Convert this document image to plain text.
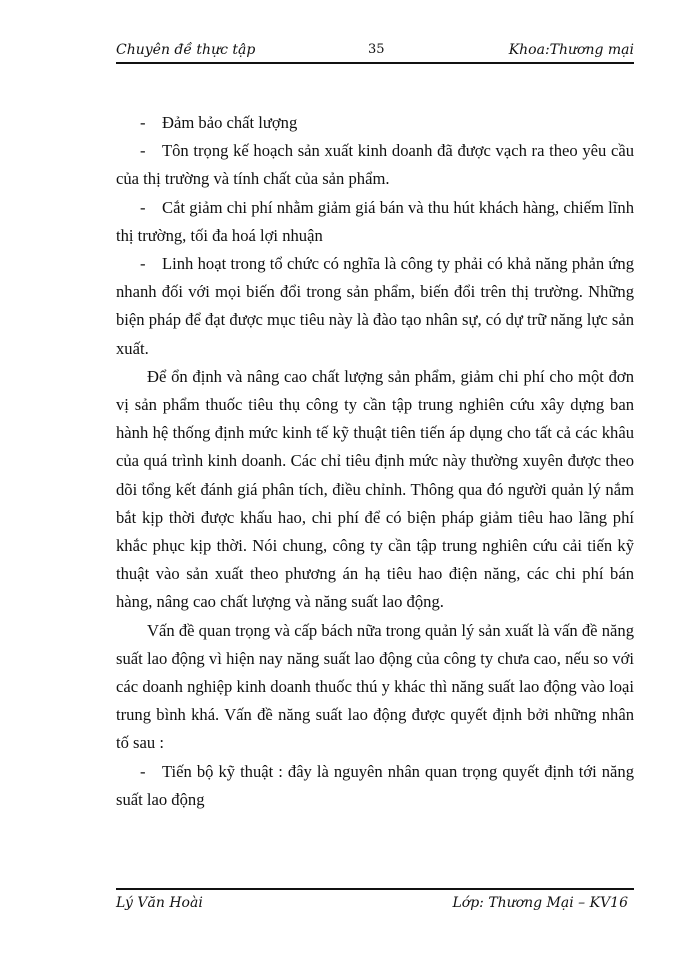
Chuyên đề thực tập	35	Khoa:Thương mại

- Đảm bảo chất lượng

- Tôn trọng kế hoạch sản xuất kinh doanh đã được vạch ra theo yêu cầu của thị trường và tính chất của sản phẩm.

- Cắt giảm chi phí nhằm giảm giá bán và thu hút khách hàng, chiếm lĩnh thị trường, tối đa hoá lợi nhuận

- Linh hoạt trong tổ chức có nghĩa là công ty phải có khả năng phản ứng nhanh đối với mọi biến đổi trong sản phẩm, biến đổi trên thị trường. Những biện pháp để đạt được mục tiêu này là đào tạo nhân sự, có dự trữ năng lực sản xuất.

Để ổn định và nâng cao chất lượng sản phẩm, giảm chi phí cho một đơn vị sản phẩm thuốc tiêu thụ công ty cần tập trung nghiên cứu xây dựng ban hành hệ thống định mức kinh tế kỹ thuật tiên tiến áp dụng cho tất cả các khâu của quá trình kinh doanh. Các chỉ tiêu định mức này thường xuyên được theo dõi tổng kết đánh giá phân tích, điều chỉnh. Thông qua đó người quản lý nắm bắt kịp thời được khấu hao, chi phí để có biện pháp giảm tiêu hao lãng phí khắc phục kịp thời. Nói chung, công ty cần tập trung nghiên cứu cải tiến kỹ thuật vào sản xuất theo phương án hạ tiêu hao điện năng, các chi phí bán hàng, nâng cao chất lượng và năng suất lao động.

Vấn đề quan trọng và cấp bách nữa trong quản lý sản xuất là vấn đề năng suất lao động vì hiện nay năng suất lao động của công ty chưa cao, nếu so với các doanh nghiệp kinh doanh thuốc thú y khác thì năng suất lao động vào loại trung bình khá. Vấn đề năng suất lao động được quyết định bởi những nhân tố sau :

- Tiến bộ kỹ thuật : đây là nguyên nhân quan trọng quyết định tới năng suất lao động

Lý Văn Hoài	Lớp: Thương Mại – KV16
